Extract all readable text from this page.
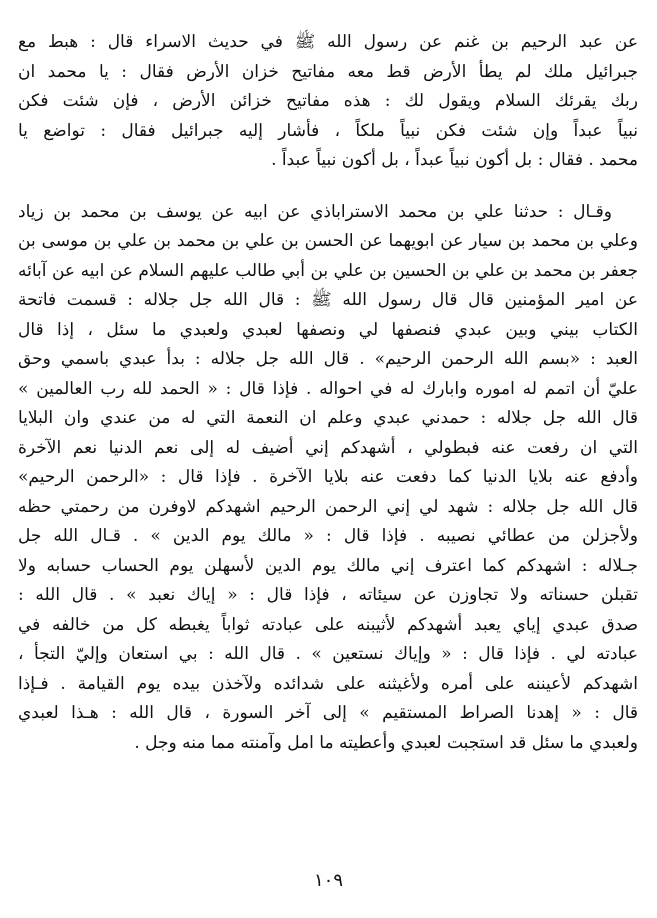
عن عبد الرحيم بن غنم عن رسول الله ﷺ في حديث الاسراء قال : هبط مع
جبرائيل ملك لم يطأ الأرض قط معه مفاتيح خزان الأرض فقال : يا محمد ان
ربك يقرئك السلام ويقول لك : هذه مفاتيح خزائن الأرض ، فإن شئت فكن
نبياً عبداً وإن شئت فكن نبياً ملكاً ، فأشار إليه جبرائيل فقال : تواضع يا
محمد . فقال : بل أكون نبياً عبداً ، بل أكون نبياً عبداً .
وقـال : حدثنا علي بن محمد الاستراباذي عن ابيه عن يوسف بن محمد بن زياد
وعلي بن محمد بن سيار عن ابويهما عن الحسن بن علي بن محمد بن علي بن موسى بن
جعفر بن محمد بن علي بن الحسين بن علي بن أبي طالب عليهم السلام عن ابيه عن آبائه
عن امير المؤمنين قال قال رسول الله ﷺ : قال الله جل جلاله : قسمت فاتحة
الكتاب بيني وبين عبدي فنصفها لي ونصفها لعبدي ولعبدي ما سئل ، إذا قال
العبد : «بسم الله الرحمن الرحيم» . قال الله جل جلاله : بدأ عبدي باسمي وحق
عليّ أن اتمم له اموره وابارك له في احواله . فإذا قال : « الحمد لله رب العالمين »
قال الله جل جلاله : حمدني عبدي وعلم ان النعمة التي له من عندي وان البلايا
التي ان رفعت عنه فبطولي ، أشهدكم إني أضيف له إلى نعم الدنيا نعم الآخرة
وأدفع عنه بلايا الدنيا كما دفعت عنه بلايا الآخرة . فإذا قال : «الرحمن الرحيم»
قال الله جل جلاله : شهد لي إني الرحمن الرحيم اشهدكم لاوفرن من رحمتي حظه
ولأجزلن من عطائي نصيبه . فإذا قال : « مالك يوم الدين » . قـال الله جل
جـلاله : اشهدكم كما اعترف إني مالك يوم الدين لأسهلن يوم الحساب حسابه ولا
تقبلن حسناته ولا تجاوزن عن سيئاته ، فإذا قال : « إياك نعبد » . قال الله :
صدق عبدي إياي يعبد أشهدكم لأثيبنه على عبادته ثواباً يغبطه كل من خالفه في
عبادته لي . فإذا قال : « وإياك نستعين » . قال الله : بي استعان وإليّ التجأ ،
اشهدكم لأعيننه على أمره ولأغيثنه على شدائده ولآخذن بيده يوم القيامة . فـإذا
قال : « إهدنا الصراط المستقيم » إلى آخر السورة ، قال الله : هـذا لعبدي
ولعبدي ما سئل قد استجبت لعبدي وأعطيته ما امل وآمنته مما منه وجل .
١٠٩
